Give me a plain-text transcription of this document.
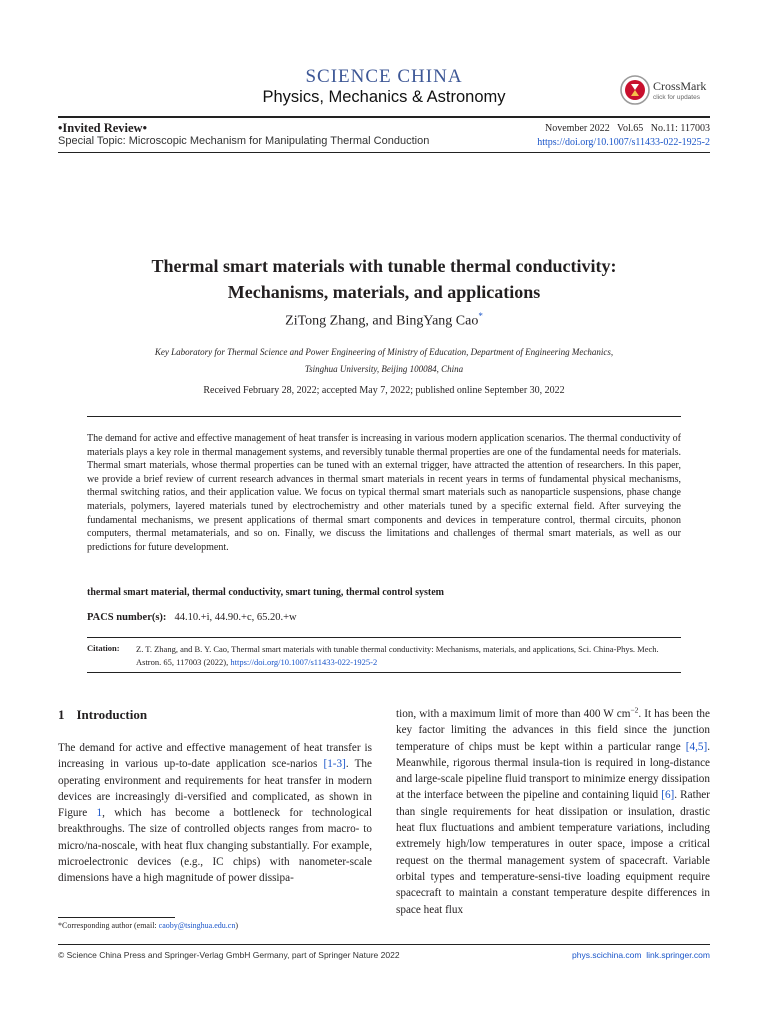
SCIENCE CHINA
Physics, Mechanics & Astronomy
CrossMark
click for updates
•Invited Review•
Special Topic: Microscopic Mechanism for Manipulating Thermal Conduction
November 2022   Vol.65   No.11: 117003
https://doi.org/10.1007/s11433-022-1925-2
Thermal smart materials with tunable thermal conductivity:
Mechanisms, materials, and applications
ZiTong Zhang, and BingYang Cao*
Key Laboratory for Thermal Science and Power Engineering of Ministry of Education, Department of Engineering Mechanics,
Tsinghua University, Beijing 100084, China
Received February 28, 2022; accepted May 7, 2022; published online September 30, 2022
The demand for active and effective management of heat transfer is increasing in various modern application scenarios. The thermal conductivity of materials plays a key role in thermal management systems, and reversibly tunable thermal properties are one of the fundamental needs for materials. Thermal smart materials, whose thermal properties can be tuned with an external trigger, have attracted the attention of researchers. In this paper, we provide a brief review of current research advances in thermal smart materials in recent years in terms of fundamental physical mechanisms, thermal switching ratios, and their application value. We focus on typical thermal smart materials such as nanoparticle suspensions, phase change materials, polymers, layered materials tuned by electrochemistry and other materials tuned by a specific external field. After surveying the fundamental mechanisms, we present applications of thermal smart components and devices in temperature control, thermal circuits, phonon computers, thermal metamaterials, and so on. Finally, we discuss the limitations and challenges of thermal smart materials, as well as our predictions for future development.
thermal smart material, thermal conductivity, smart tuning, thermal control system
PACS number(s): 44.10.+i, 44.90.+c, 65.20.+w
Citation: Z. T. Zhang, and B. Y. Cao, Thermal smart materials with tunable thermal conductivity: Mechanisms, materials, and applications, Sci. China-Phys. Mech. Astron. 65, 117003 (2022), https://doi.org/10.1007/s11433-022-1925-2
1 Introduction
The demand for active and effective management of heat transfer is increasing in various up-to-date application sce-narios [1-3]. The operating environment and requirements for heat transfer in modern devices are increasingly di-versified and complicated, as shown in Figure 1, which has become a bottleneck for technological breakthroughs. The size of controlled objects ranges from macro- to micro/na-noscale, with heat flux changing substantially. For example, microelectronic devices (e.g., IC chips) with nanometer-scale dimensions have a high magnitude of power dissipa-
tion, with a maximum limit of more than 400 W $cm^{-2}$. It has been the key factor limiting the advances in this field since the junction temperature of chips must be kept within a particular range [4,5]. Meanwhile, rigorous thermal insula-tion is required in long-distance and large-scale pipeline fluid transport to minimize energy dissipation at the interface between the pipeline and containing liquid [6]. Rather than single requirements for heat dissipation or insulation, drastic heat flux fluctuations and ambient temperature variations, including extremely high/low temperatures in outer space, impose a critical request on the thermal management system of spacecraft. Variable orbital types and temperature-sensi-tive loading equipment require spacecraft to maintain a constant temperature despite differences in space heat flux
*Corresponding author (email: caoby@tsinghua.edu.cn)
© Science China Press and Springer-Verlag GmbH Germany, part of Springer Nature 2022	phys.scichina.com link.springer.com
